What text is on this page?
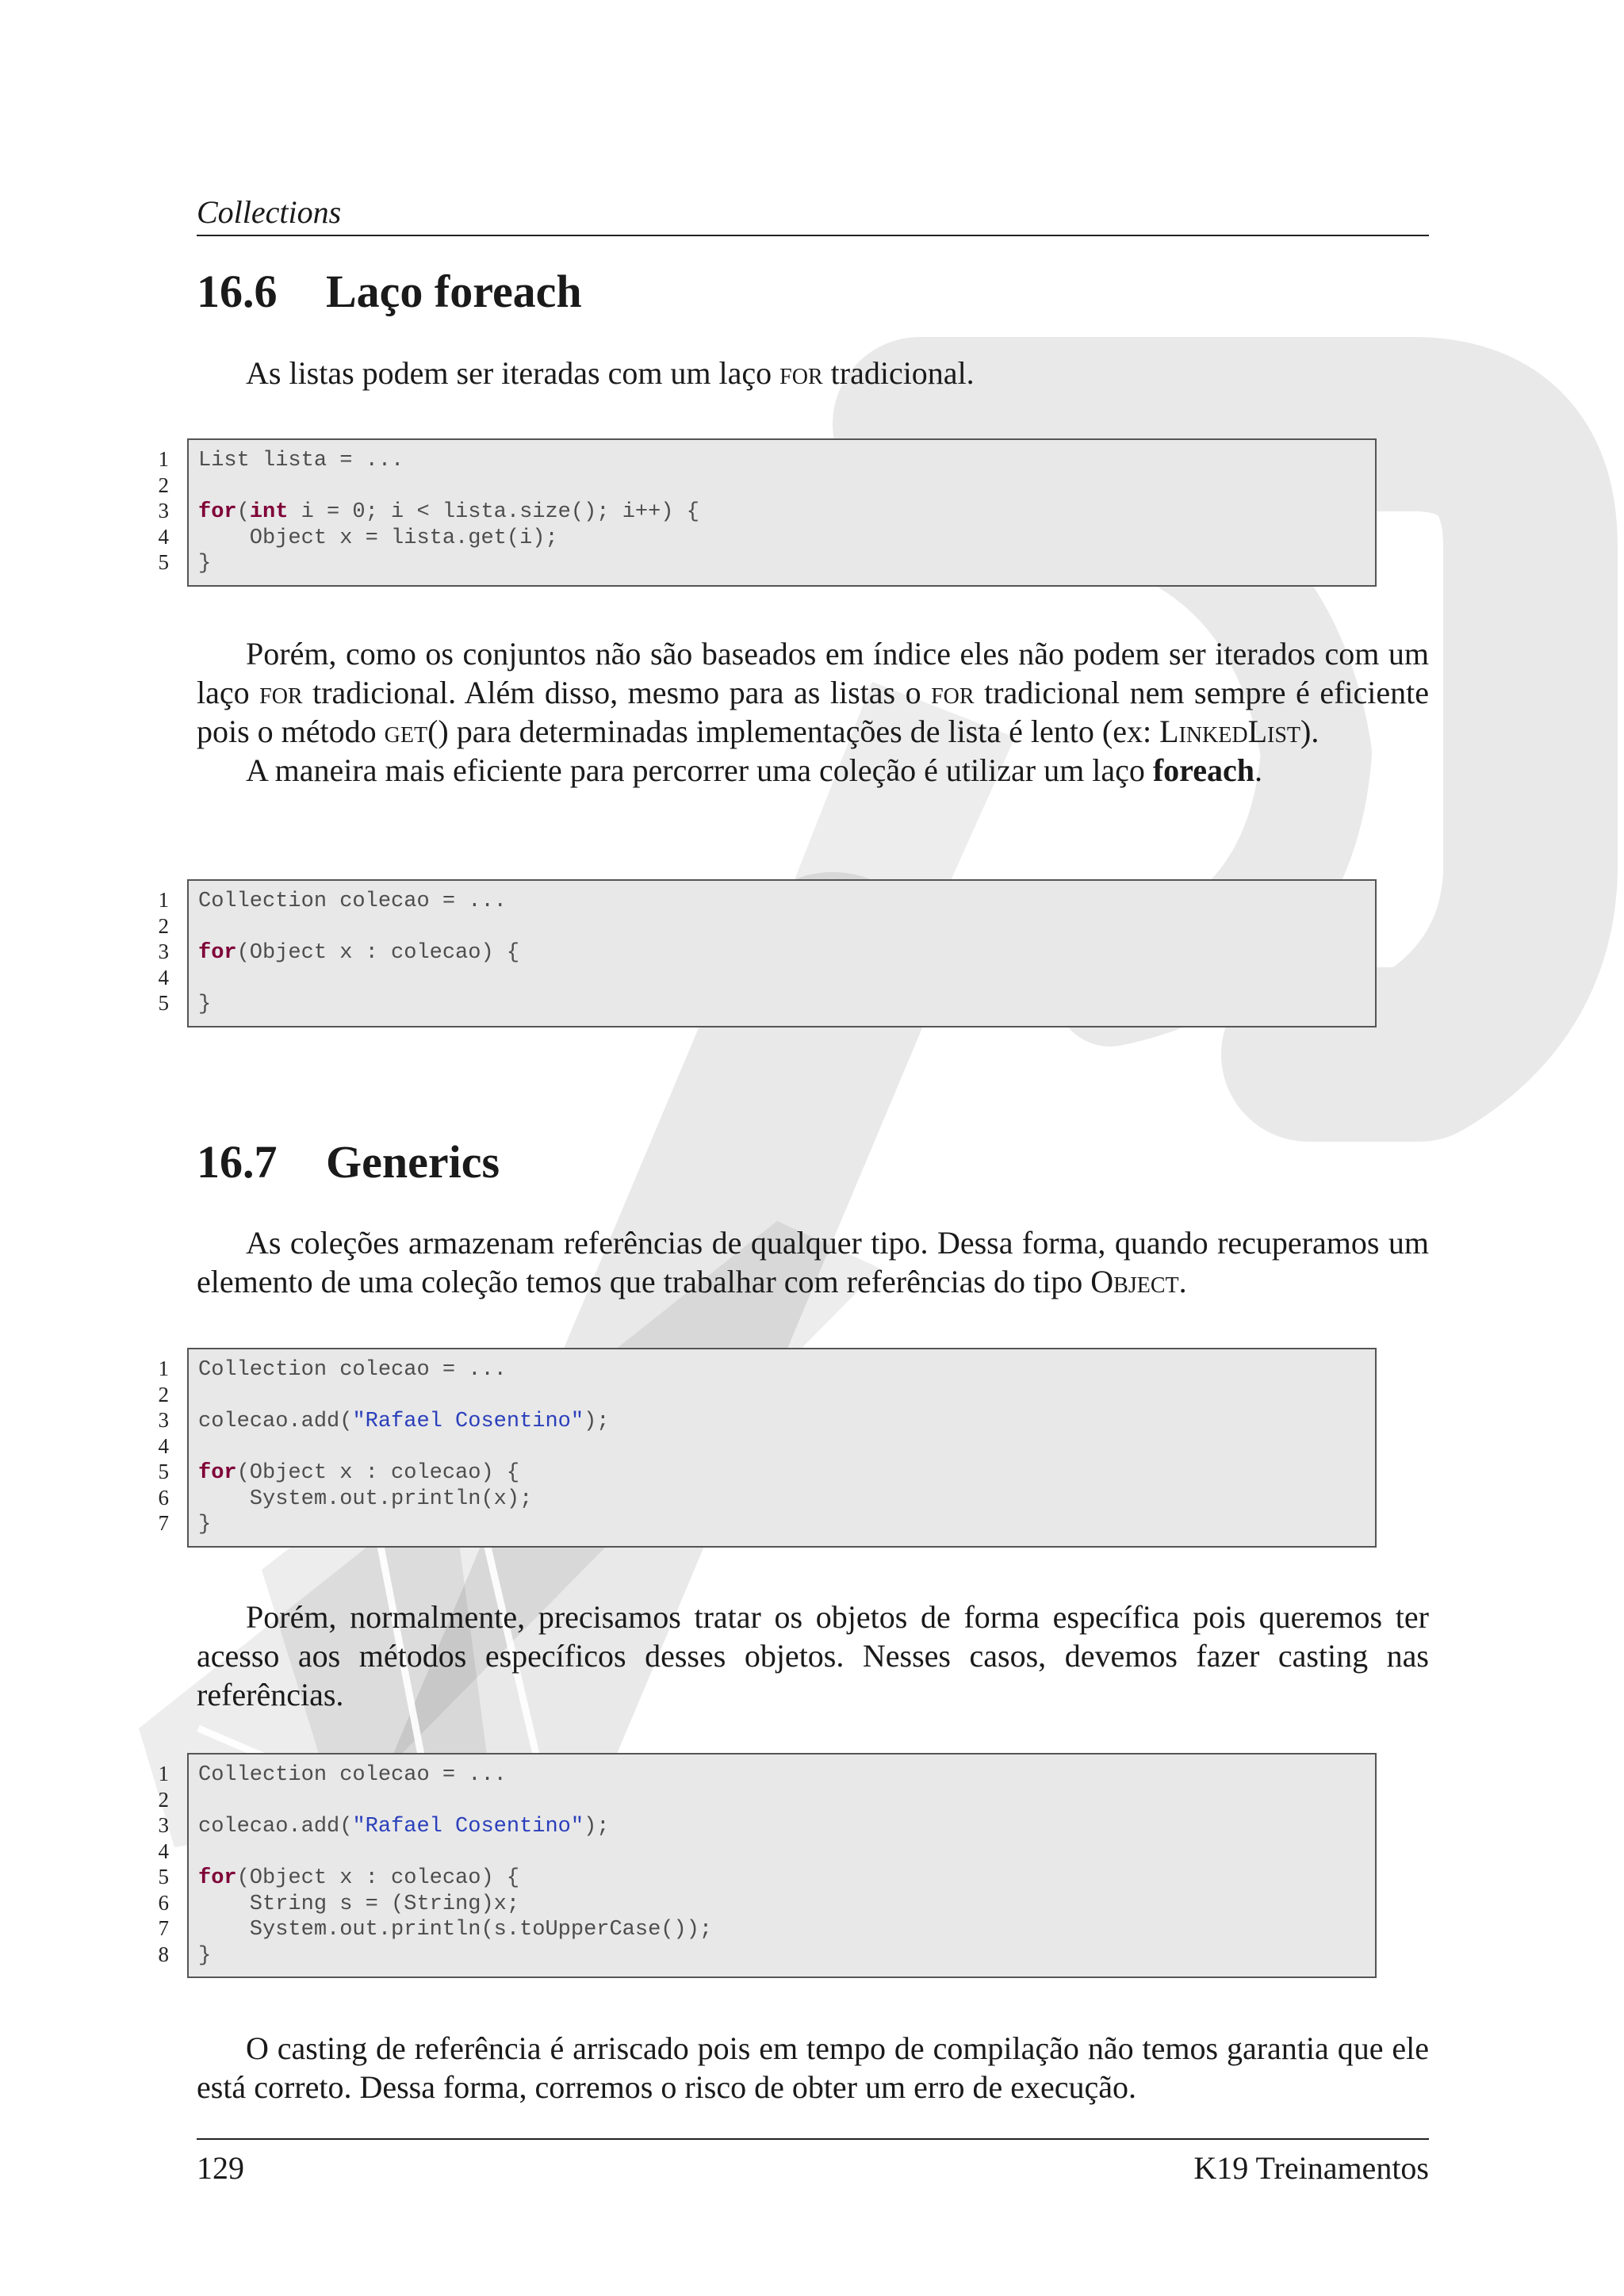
Collections
16.6 Laço foreach

As listas podem ser iteradas com um laço for tradicional.

1
2
3
4
5
List lista = ...
for(int i = 0; i < lista.size(); i++) {
Object x = lista.get(i);
}

Porém, como os conjuntos não são baseados em índice eles não podem ser iterados com um laço for tradicional. Além disso, mesmo para as listas o for tradicional nem sempre é eficiente pois o método get() para determinadas implementações de lista é lento (ex: LinkedList).

A maneira mais eficiente para percorrer uma coleção é utilizar um laço foreach.

1
2
3
4
5
Collection colecao = ...
for(Object x : colecao) {
}
16.7 Generics

As coleções armazenam referências de qualquer tipo. Dessa forma, quando recuperamos um elemento de uma coleção temos que trabalhar com referências do tipo Object.

1
2
3
4
5
6
7
Collection colecao = ...
colecao.add("Rafael Cosentino");
for(Object x : colecao) {
System.out.println(x);
}

Porém, normalmente, precisamos tratar os objetos de forma específica pois queremos ter acesso aos métodos específicos desses objetos. Nesses casos, devemos fazer casting nas referências.

1
2
3
4
5
6
7
8
Collection colecao = ...
colecao.add("Rafael Cosentino");
for(Object x : colecao) {
String s = (String)x;
System.out.println(s.toUpperCase());
}

O casting de referência é arriscado pois em tempo de compilação não temos garantia que ele está correto. Dessa forma, corremos o risco de obter um erro de execução.

129	K19 Treinamentos
